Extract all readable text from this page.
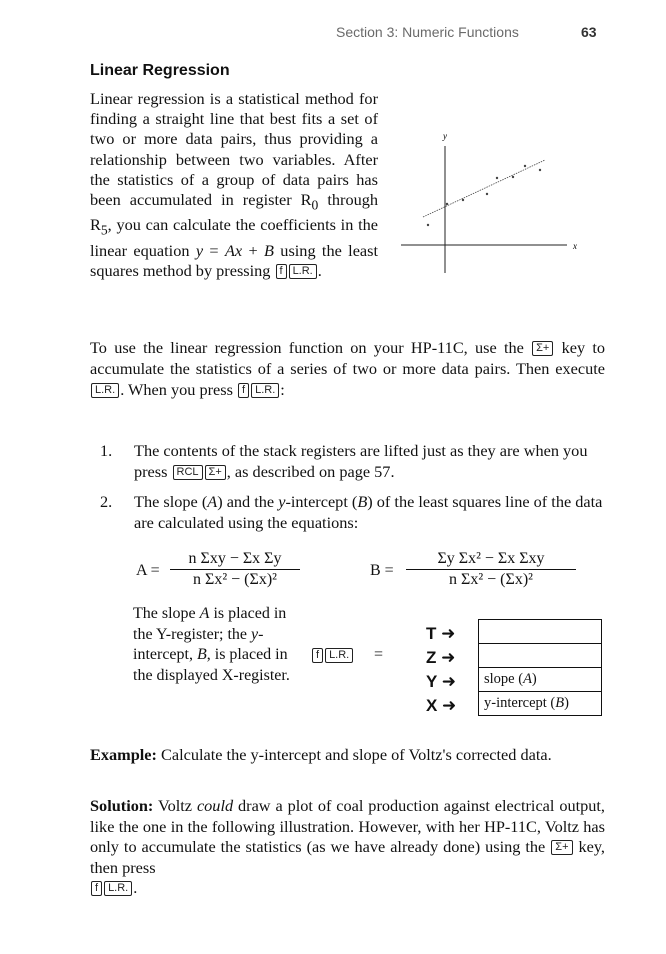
Section 3: Numeric Functions	63
Linear Regression
Linear regression is a statistical method for finding a straight line that best fits a set of two or more data pairs, thus providing a relationship between two variables. After the statistics of a group of data pairs has been accumulated in register $R_0$ through $R_5$, you can calculate the coefficients in the linear equation y = Ax + B using the least squares method by pressing f L.R. .
y
x
To use the linear regression function on your HP-11C, use the Σ+ key to accumulate the statistics of a series of two or more data pairs. Then execute L.R. . When you press f L.R. :
1. The contents of the stack registers are lifted just as they are when you press RCL Σ+ , as described on page 57.
2. The slope (A) and the y-intercept (B) of the least squares line of the data are calculated using the equations:
A =
n Σxy − Σx Σy
n Σx² − (Σx)²
B =
Σy Σx² − Σx Σxy
n Σx² − (Σx)²
The slope A is placed in the Y-register; the y-intercept, B, is placed in the displayed X-register.
f L.R.	=
T ➜
Z ➜
Y ➜
X ➜
slope (A)
y-intercept (B)
Example: Calculate the y-intercept and slope of Voltz's corrected data.
Solution: Voltz could draw a plot of coal production against electrical output, like the one in the following illustration. However, with her HP-11C, Voltz has only to accumulate the statistics (as we have already done) using the Σ+ key, then press
f L.R. .
